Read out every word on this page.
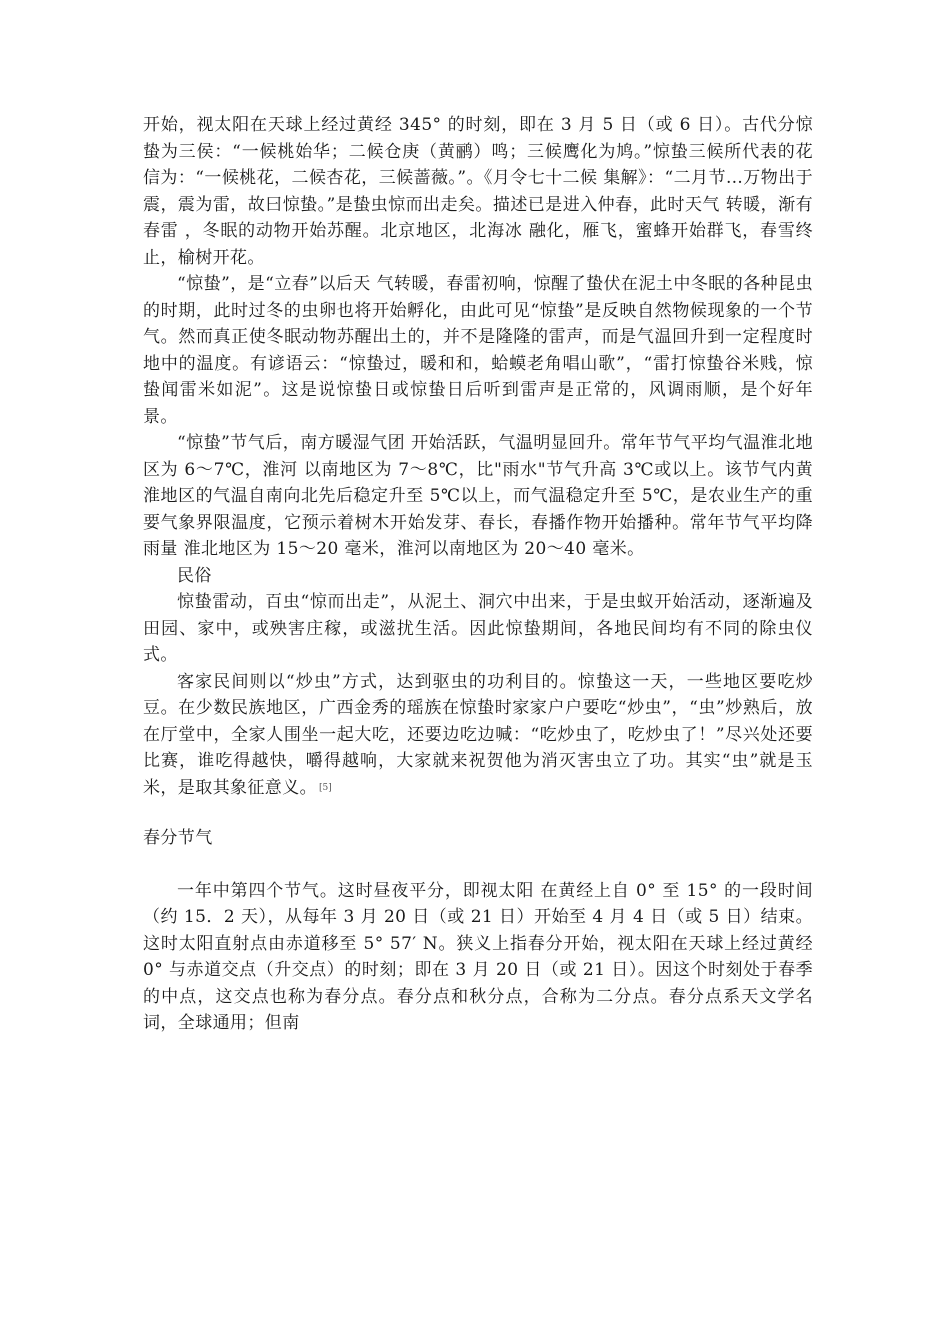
开始，视太阳在天球上经过黄经 345° 的时刻，即在 3 月 5 日（或 6 日）。古代分惊蛰为三侯：“一候桃始华；二候仓庚（黄鹂）鸣；三候鹰化为鸠。”惊蛰三候所代表的花信为：“一候桃花，二候杏花，三候蔷薇。”。《月令七十二候 集解》：“二月节…万物出于震，震为雷，故曰惊蛰。”是蛰虫惊而出走矣。描述已是进入仲春，此时天气 转暖，渐有春雷 ，冬眠的动物开始苏醒。北京地区，北海冰 融化，雁飞，蜜蜂开始群飞，春雪终止，榆树开花。

“惊蛰”，是“立春”以后天 气转暖，春雷初响，惊醒了蛰伏在泥土中冬眠的各种昆虫的时期，此时过冬的虫卵也将开始孵化，由此可见“惊蛰”是反映自然物候现象的一个节气。然而真正使冬眠动物苏醒出土的，并不是隆隆的雷声，而是气温回升到一定程度时地中的温度。有谚语云：“惊蛰过，暖和和，蛤蟆老角唱山歌”，“雷打惊蛰谷米贱，惊蛰闻雷米如泥”。这是说惊蛰日或惊蛰日后听到雷声是正常的，风调雨顺，是个好年景。

“惊蛰”节气后，南方暖湿气团 开始活跃，气温明显回升。常年节气平均气温淮北地区为 6～7℃，淮河 以南地区为 7～8℃，比"雨水"节气升高 3℃或以上。该节气内黄淮地区的气温自南向北先后稳定升至 5℃以上，而气温稳定升至 5℃，是农业生产的重要气象界限温度，它预示着树木开始发芽、春长，春播作物开始播种。常年节气平均降雨量 淮北地区为 15～20 毫米，淮河以南地区为 20～40 毫米。

民俗

惊蛰雷动，百虫“惊而出走”，从泥土、洞穴中出来，于是虫蚁开始活动，逐渐遍及田园、家中，或殃害庄稼，或滋扰生活。因此惊蛰期间，各地民间均有不同的除虫仪式。

客家民间则以“炒虫”方式，达到驱虫的功利目的。惊蛰这一天，一些地区要吃炒豆。在少数民族地区，广西金秀的瑶族在惊蛰时家家户户要吃“炒虫”，“虫”炒熟后，放在厅堂中，全家人围坐一起大吃，还要边吃边喊：“吃炒虫了，吃炒虫了！”尽兴处还要比赛，谁吃得越快，嚼得越响，大家就来祝贺他为消灭害虫立了功。其实“虫”就是玉米，是取其象征意义。 [5]

春分节气

一年中第四个节气。这时昼夜平分，即视太阳 在黄经上自 0° 至 15° 的一段时间 （约 15．2 天），从每年 3 月 20 日（或 21 日）开始至 4 月 4 日（或 5 日）结束。这时太阳直射点由赤道移至 5° 57′ N。狭义上指春分开始，视太阳在天球上经过黄经 0° 与赤道交点（升交点）的时刻；即在 3 月 20 日（或 21 日）。因这个时刻处于春季的中点，这交点也称为春分点。春分点和秋分点，合称为二分点。春分点系天文学名词，全球通用；但南
